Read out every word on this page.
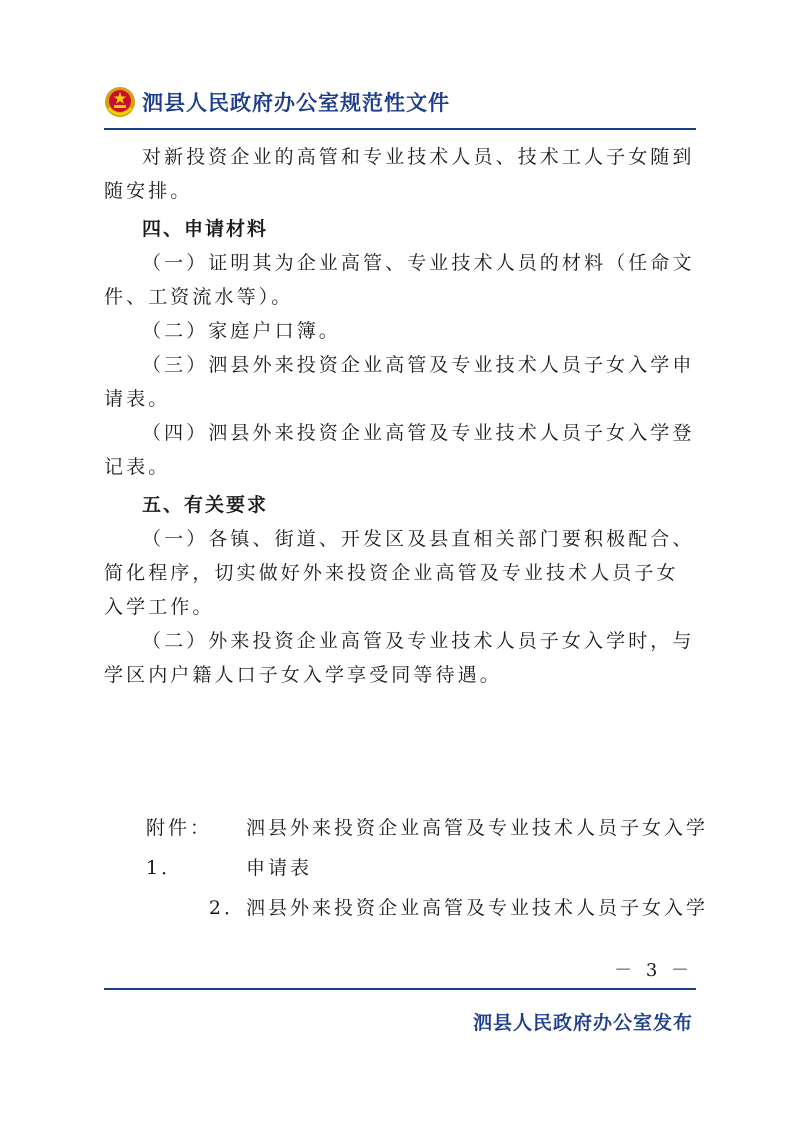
泗县人民政府办公室规范性文件

对新投资企业的高管和专业技术人员、技术工人子女随到随安排。

四、申请材料

（一）证明其为企业高管、专业技术人员的材料（任命文件、工资流水等）。

（二）家庭户口簿。

（三）泗县外来投资企业高管及专业技术人员子女入学申请表。

（四）泗县外来投资企业高管及专业技术人员子女入学登记表。

五、有关要求

（一）各镇、街道、开发区及县直相关部门要积极配合、简化程序，切实做好外来投资企业高管及专业技术人员子女入学工作。

（二）外来投资企业高管及专业技术人员子女入学时，与学区内户籍人口子女入学享受同等待遇。

附件：1．
泗县外来投资企业高管及专业技术人员子女入学
申请表
2． 泗县外来投资企业高管及专业技术人员子女入学
－ 3 －
泗县人民政府办公室发布
